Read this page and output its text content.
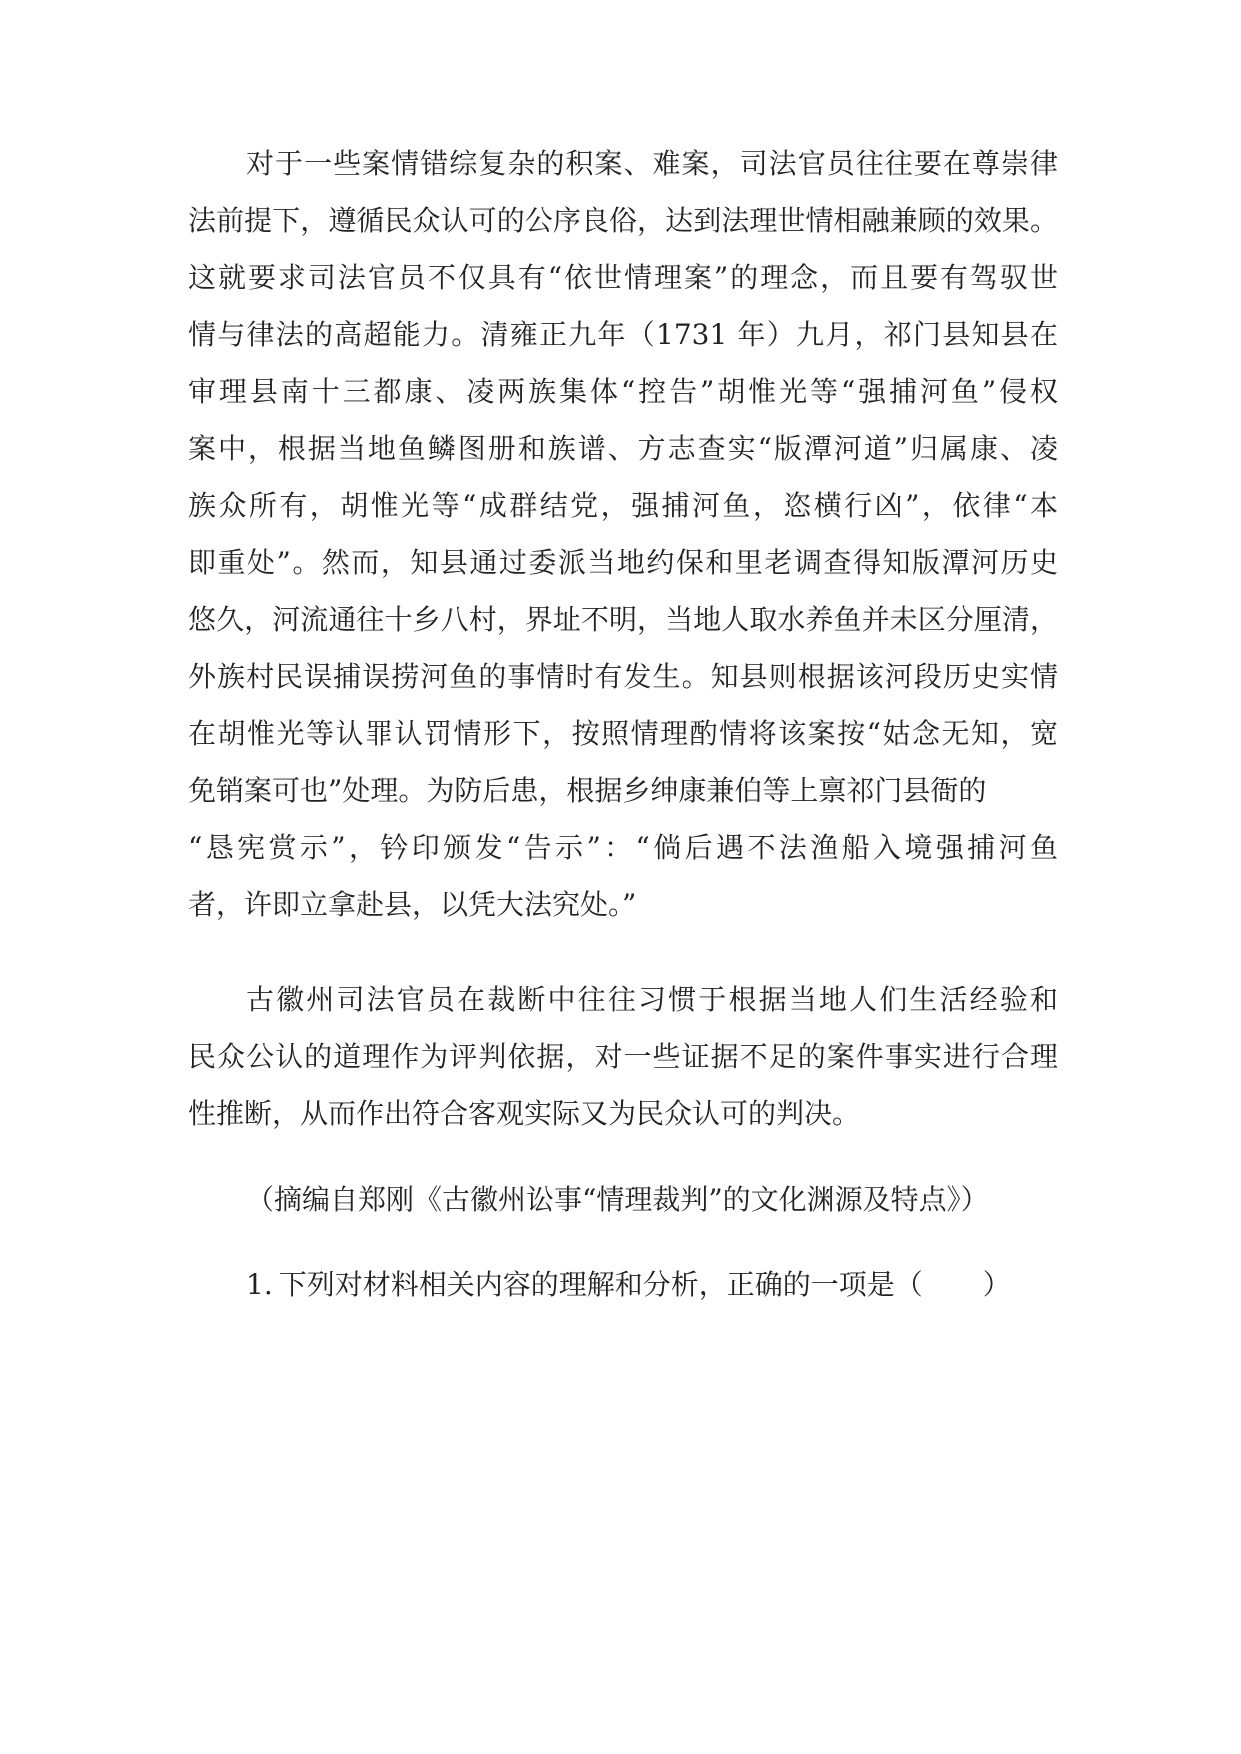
对于一些案情错综复杂的积案、难案，司法官员往往要在尊崇律
法前提下，遵循民众认可的公序良俗，达到法理世情相融兼顾的效果。
这就要求司法官员不仅具有“依世情理案”的理念，而且要有驾驭世
情与律法的高超能力。清雍正九年（1731 年）九月，祁门县知县在
审理县南十三都康、凌两族集体“控告”胡惟光等“强捕河鱼”侵权
案中，根据当地鱼鳞图册和族谱、方志查实“版潭河道”归属康、凌
族众所有，胡惟光等“成群结党，强捕河鱼，恣横行凶”，依律“本
即重处”。然而，知县通过委派当地约保和里老调查得知版潭河历史
悠久，河流通往十乡八村，界址不明，当地人取水养鱼并未区分厘清，
外族村民误捕误捞河鱼的事情时有发生。知县则根据该河段历史实情
在胡惟光等认罪认罚情形下，按照情理酌情将该案按“姑念无知，宽
免销案可也”处理。为防后患，根据乡绅康兼伯等上禀祁门县衙的
“恳宪赏示”，钤印颁发“告示”：“倘后遇不法渔船入境强捕河鱼
者，许即立拿赴县，以凭大法究处。”
古徽州司法官员在裁断中往往习惯于根据当地人们生活经验和
民众公认的道理作为评判依据，对一些证据不足的案件事实进行合理
性推断，从而作出符合客观实际又为民众认可的判决。
（摘编自郑刚《古徽州讼事“情理裁判”的文化渊源及特点》）
1. 下列对材料相关内容的理解和分析，正确的一项是（ ）
